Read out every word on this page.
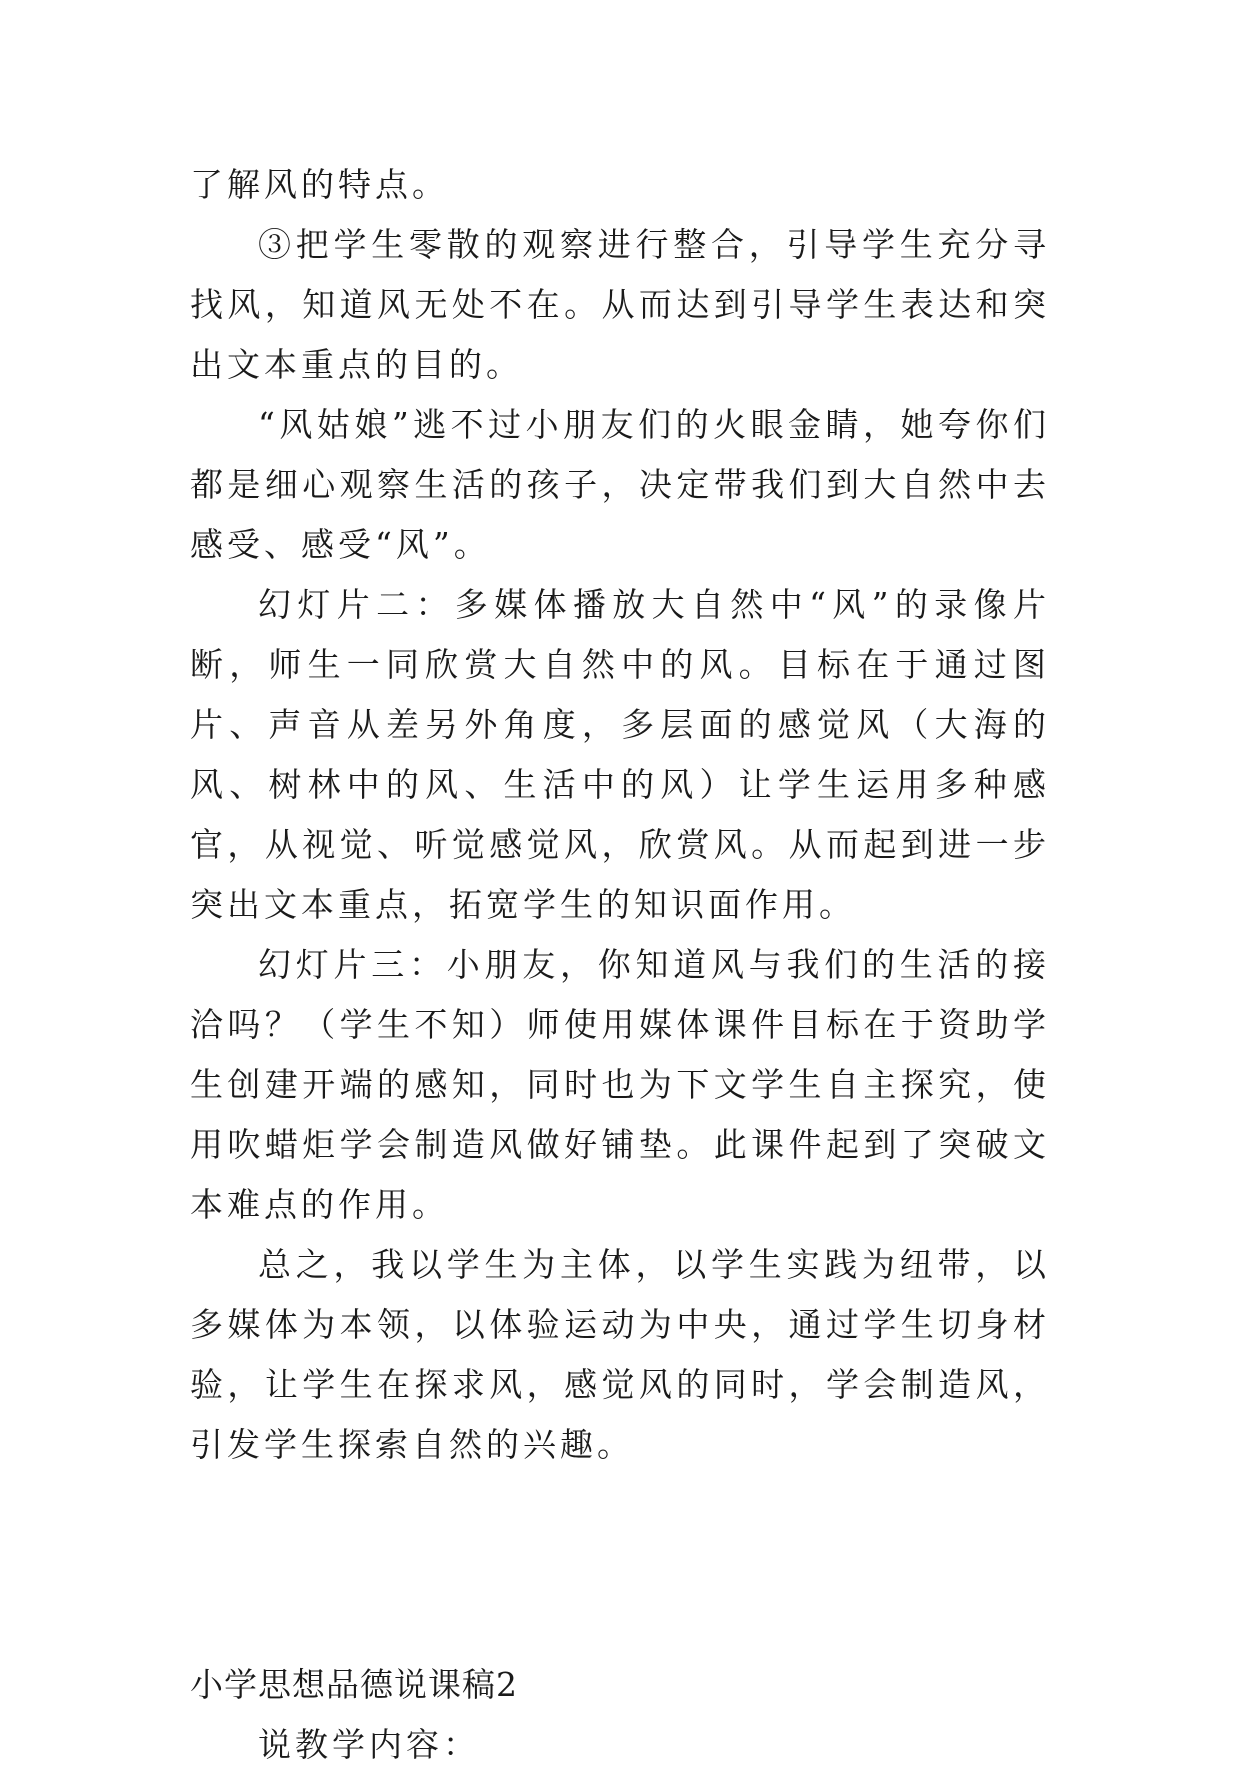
了解风的特点。

③把学生零散的观察进行整合，引导学生充分寻找风，知道风无处不在。从而达到引导学生表达和突出文本重点的目的。

“风姑娘”逃不过小朋友们的火眼金睛，她夸你们都是细心观察生活的孩子，决定带我们到大自然中去感受、感受“风”。

幻灯片二：多媒体播放大自然中“风”的录像片断，师生一同欣赏大自然中的风。目标在于通过图片、声音从差另外角度，多层面的感觉风（大海的风、树林中的风、生活中的风）让学生运用多种感官，从视觉、听觉感觉风，欣赏风。从而起到进一步突出文本重点，拓宽学生的知识面作用。

幻灯片三：小朋友，你知道风与我们的生活的接洽吗？（学生不知）师使用媒体课件目标在于资助学生创建开端的感知，同时也为下文学生自主探究，使用吹蜡炬学会制造风做好铺垫。此课件起到了突破文本难点的作用。

总之，我以学生为主体，以学生实践为纽带，以多媒体为本领，以体验运动为中央，通过学生切身材验，让学生在探求风，感觉风的同时，学会制造风，引发学生探索自然的兴趣。

小学思想品德说课稿2

说教学内容：
